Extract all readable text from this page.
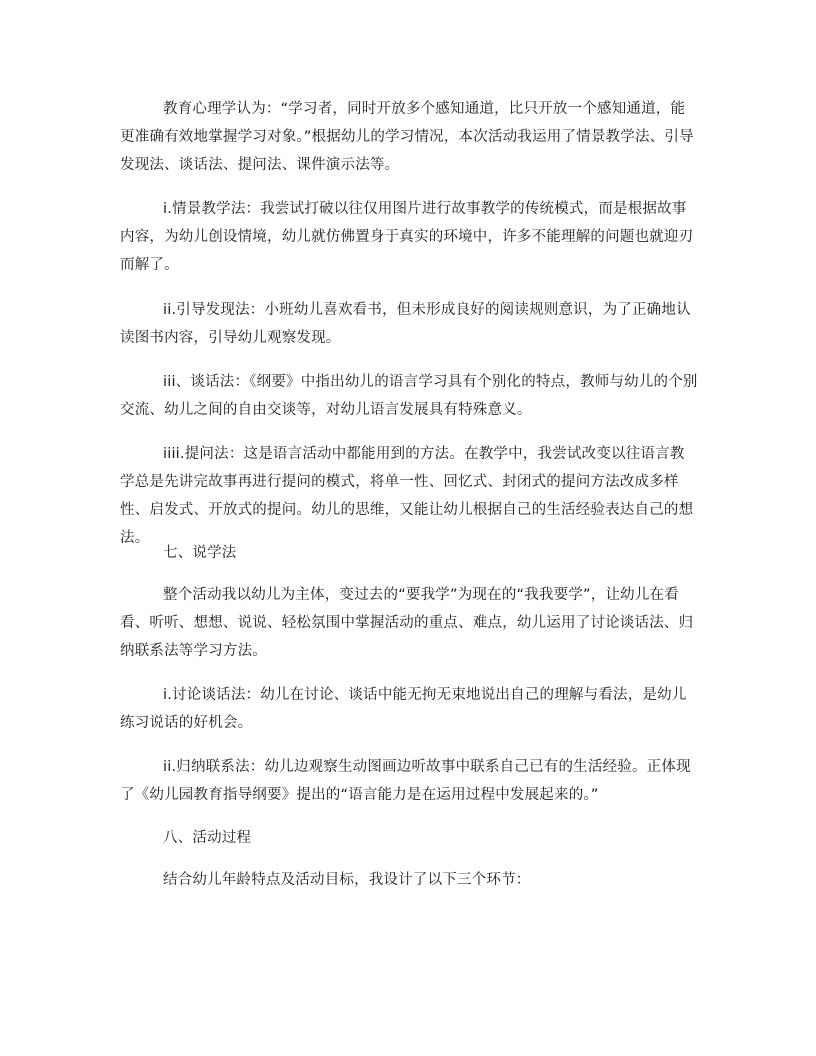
教育心理学认为：“学习者，同时开放多个感知通道，比只开放一个感知通道，能更准确有效地掌握学习对象。”根据幼儿的学习情况，本次活动我运用了情景教学法、引导发现法、谈话法、提问法、课件演示法等。

i.情景教学法：我尝试打破以往仅用图片进行故事教学的传统模式，而是根据故事内容，为幼儿创设情境，幼儿就仿佛置身于真实的环境中，许多不能理解的问题也就迎刃而解了。

ii.引导发现法：小班幼儿喜欢看书，但未形成良好的阅读规则意识，为了正确地认读图书内容，引导幼儿观察发现。

iii、谈话法：《纲要》中指出幼儿的语言学习具有个别化的特点，教师与幼儿的个别交流、幼儿之间的自由交谈等，对幼儿语言发展具有特殊意义。

iiii.提问法：这是语言活动中都能用到的方法。在教学中，我尝试改变以往语言教学总是先讲完故事再进行提问的模式，将单一性、回忆式、封闭式的提问方法改成多样性、启发式、开放式的提问。幼儿的思维，又能让幼儿根据自己的生活经验表达自己的想法。

七、说学法

整个活动我以幼儿为主体，变过去的“要我学”为现在的“我我要学”，让幼儿在看看、听听、想想、说说、轻松氛围中掌握活动的重点、难点，幼儿运用了讨论谈话法、归纳联系法等学习方法。

i.讨论谈话法：幼儿在讨论、谈话中能无拘无束地说出自己的理解与看法，是幼儿练习说话的好机会。

ii.归纳联系法：幼儿边观察生动图画边听故事中联系自己已有的生活经验。正体现了《幼儿园教育指导纲要》提出的“语言能力是在运用过程中发展起来的。”

八、活动过程

结合幼儿年龄特点及活动目标，我设计了以下三个环节：
